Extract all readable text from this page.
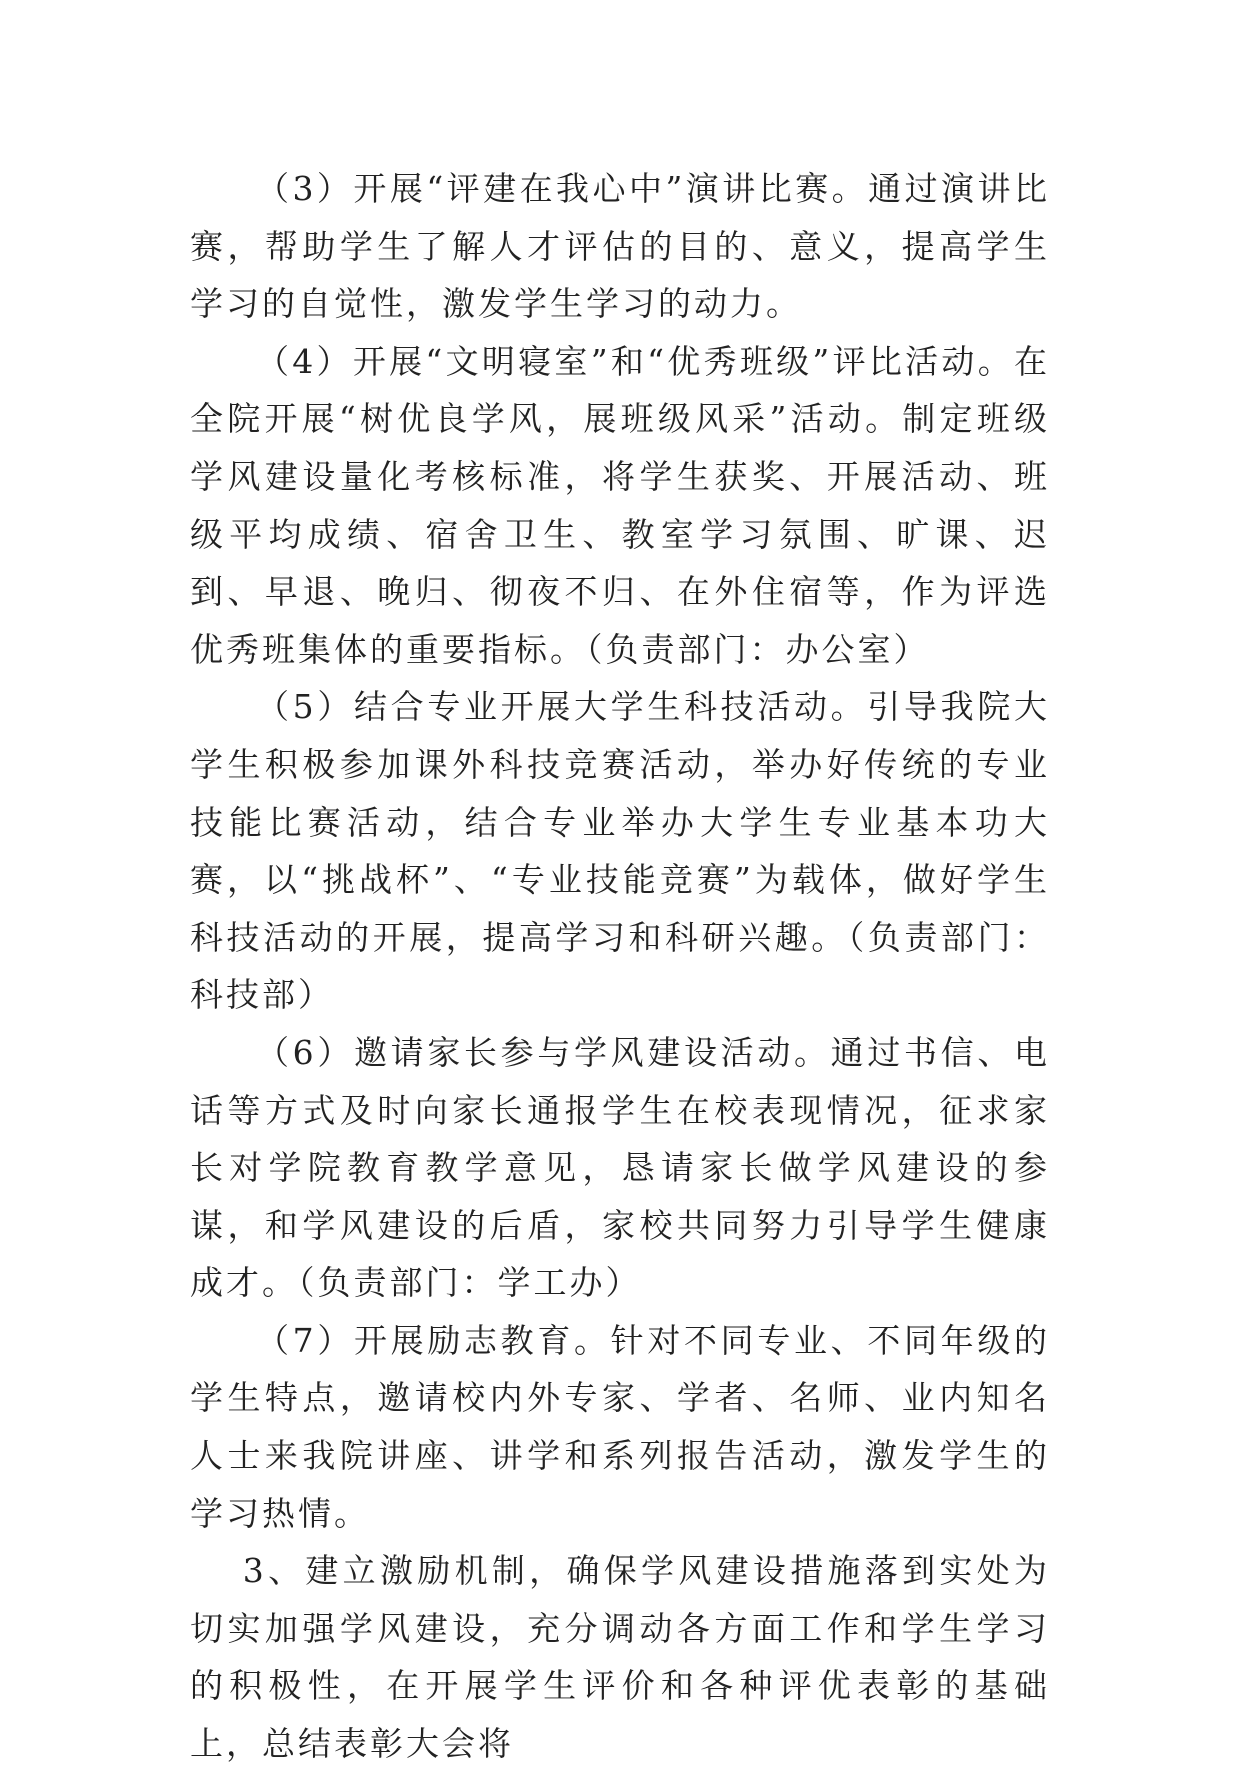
（3）开展“评建在我心中”演讲比赛。通过演讲比赛，帮助学生了解人才评估的目的、意义，提高学生学习的自觉性，激发学生学习的动力。

（4）开展“文明寝室”和“优秀班级”评比活动。在全院开展“树优良学风，展班级风采”活动。制定班级学风建设量化考核标准，将学生获奖、开展活动、班级平均成绩、宿舍卫生、教室学习氛围、旷课、迟到、早退、晚归、彻夜不归、在外住宿等，作为评选优秀班集体的重要指标。（负责部门：办公室）

（5）结合专业开展大学生科技活动。引导我院大学生积极参加课外科技竞赛活动，举办好传统的专业技能比赛活动，结合专业举办大学生专业基本功大赛，以“挑战杯”、“专业技能竞赛”为载体，做好学生科技活动的开展，提高学习和科研兴趣。（负责部门：科技部）

（6）邀请家长参与学风建设活动。通过书信、电话等方式及时向家长通报学生在校表现情况，征求家长对学院教育教学意见，恳请家长做学风建设的参谋，和学风建设的后盾，家校共同努力引导学生健康成才。（负责部门：学工办）

（7）开展励志教育。针对不同专业、不同年级的学生特点，邀请校内外专家、学者、名师、业内知名人士来我院讲座、讲学和系列报告活动，激发学生的学习热情。

3、建立激励机制，确保学风建设措施落到实处为切实加强学风建设，充分调动各方面工作和学生学习的积极性，在开展学生评价和各种评优表彰的基础上，总结表彰大会将
